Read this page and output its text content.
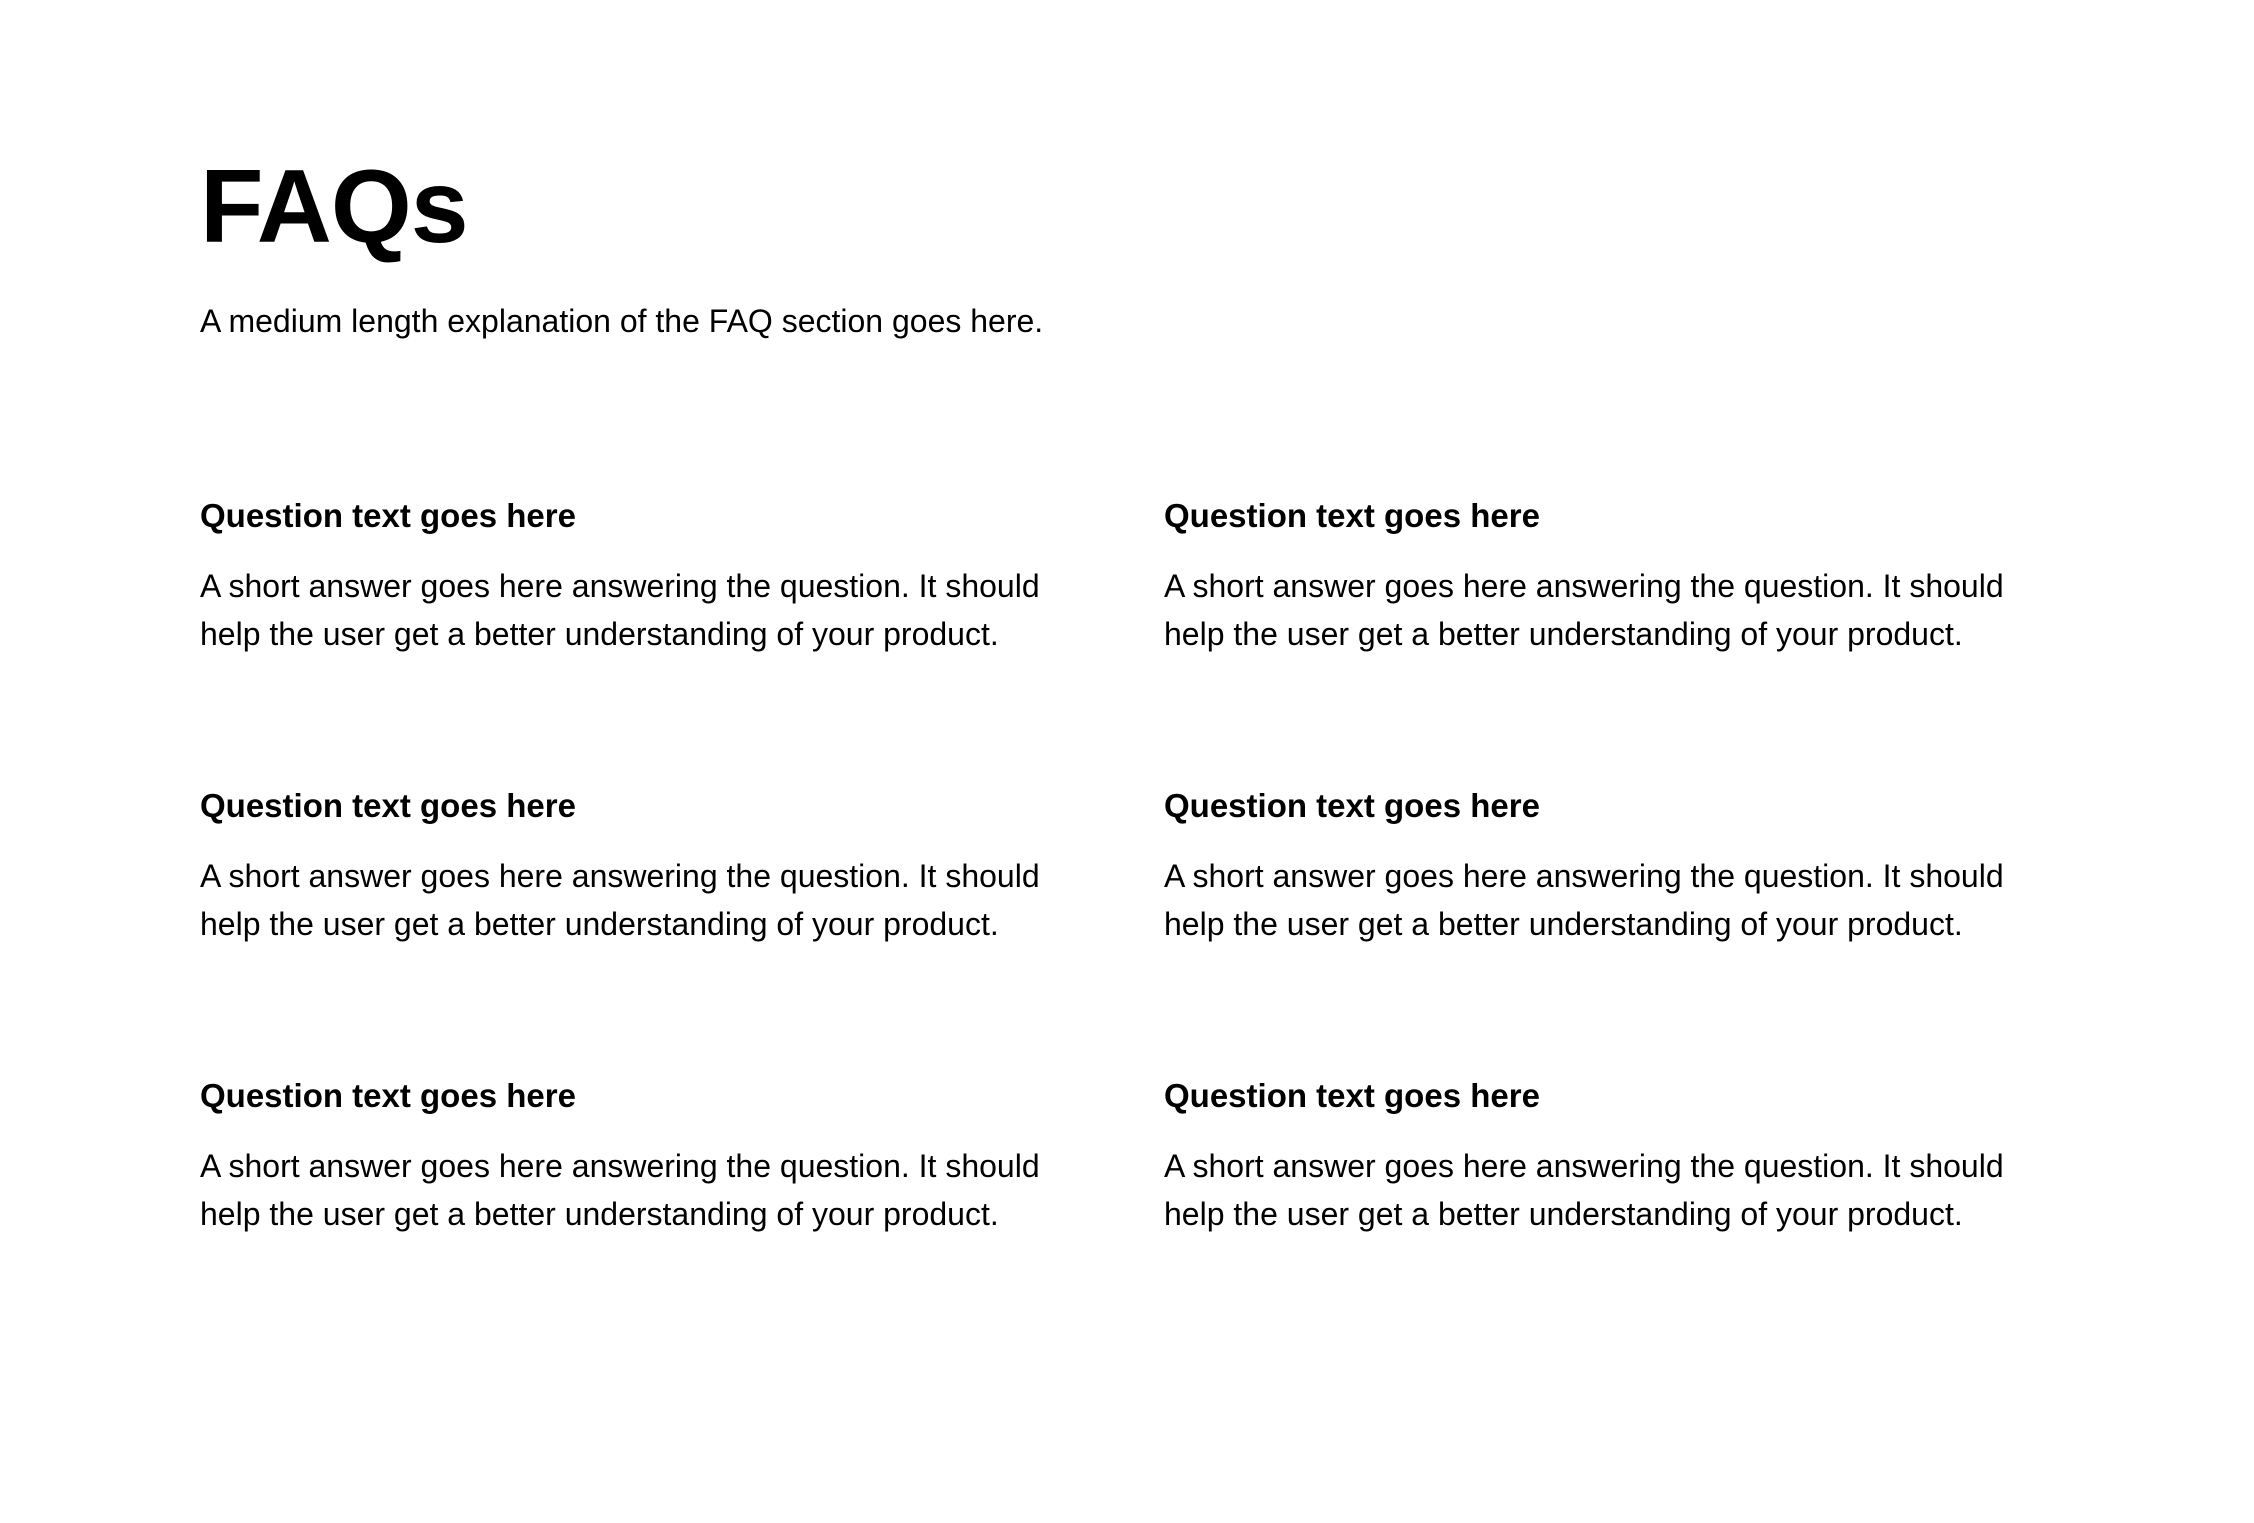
FAQs

A medium length explanation of the FAQ section goes here.

Question text goes here

A short answer goes here answering the question. It should help the user get a better understanding of your product.

Question text goes here

A short answer goes here answering the question. It should help the user get a better understanding of your product.

Question text goes here

A short answer goes here answering the question. It should help the user get a better understanding of your product.

Question text goes here

A short answer goes here answering the question. It should help the user get a better understanding of your product.

Question text goes here

A short answer goes here answering the question. It should help the user get a better understanding of your product.

Question text goes here

A short answer goes here answering the question. It should help the user get a better understanding of your product.
